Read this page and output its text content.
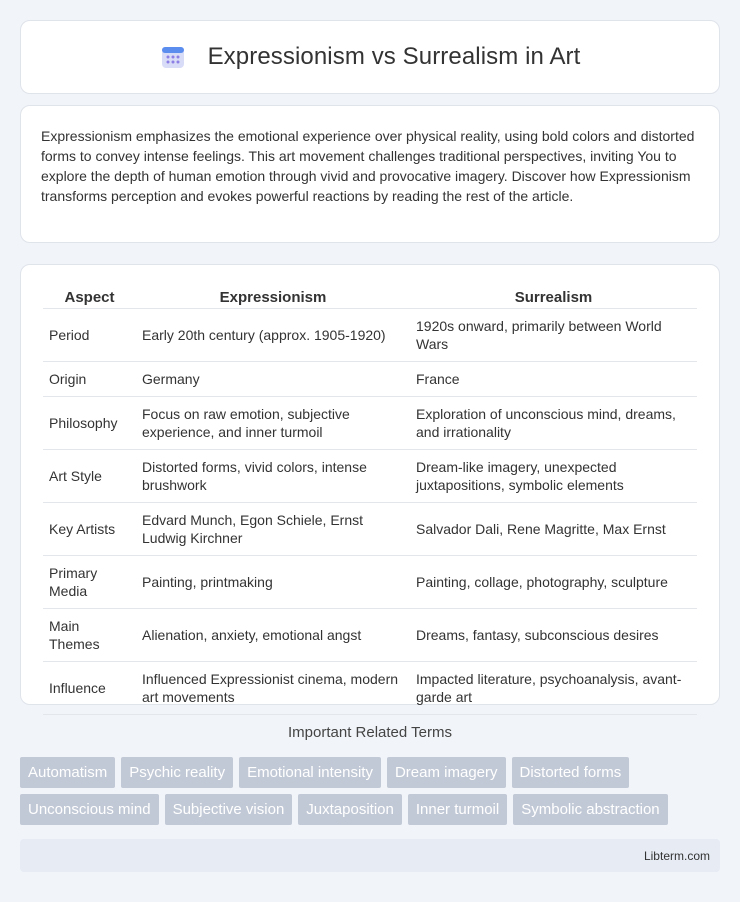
Expressionism vs Surrealism in Art

Expressionism emphasizes the emotional experience over physical reality, using bold colors and distorted forms to convey intense feelings. This art movement challenges traditional perspectives, inviting You to explore the depth of human emotion through vivid and provocative imagery. Discover how Expressionism transforms perception and evokes powerful reactions by reading the rest of the article.

Aspect	Expressionism	Surrealism
Period	Early 20th century (approx. 1905-1920)	1920s onward, primarily between World Wars
Origin	Germany	France
Philosophy	Focus on raw emotion, subjective experience, and inner turmoil	Exploration of unconscious mind, dreams, and irrationality
Art Style	Distorted forms, vivid colors, intense brushwork	Dream-like imagery, unexpected juxtapositions, symbolic elements
Key Artists	Edvard Munch, Egon Schiele, Ernst Ludwig Kirchner	Salvador Dali, Rene Magritte, Max Ernst
Primary Media	Painting, printmaking	Painting, collage, photography, sculpture
Main Themes	Alienation, anxiety, emotional angst	Dreams, fantasy, subconscious desires
Influence	Influenced Expressionist cinema, modern art movements	Impacted literature, psychoanalysis, avant-garde art
Important Related Terms
Automatism	Psychic reality	Emotional intensity	Dream imagery	Distorted forms
Unconscious mind	Subjective vision	Juxtaposition	Inner turmoil	Symbolic abstraction
Libterm.com
